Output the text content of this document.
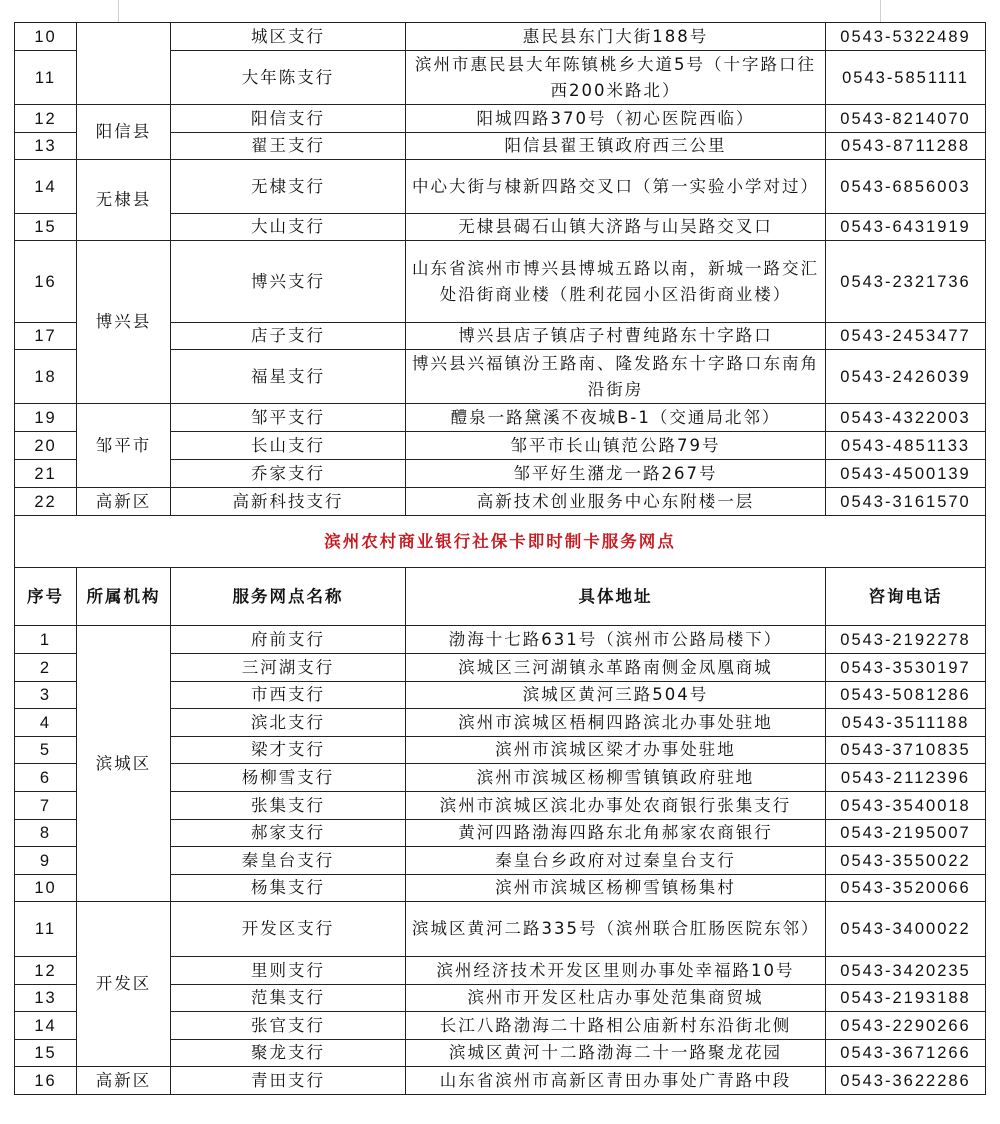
10		城区支行	惠民县东门大街188号	0543-5322489
11		大年陈支行	滨州市惠民县大年陈镇桃乡大道5号（十字路口往西200米路北）	0543-5851111
12	阳信县	阳信支行	阳城四路370号（初心医院西临）	0543-8214070
13		翟王支行	阳信县翟王镇政府西三公里	0543-8711288
14	无棣县	无棣支行	中心大街与棣新四路交叉口（第一实验小学对过）	0543-6856003
15		大山支行	无棣县碣石山镇大济路与山吴路交叉口	0543-6431919
16	博兴县	博兴支行	山东省滨州市博兴县博城五路以南，新城一路交汇处沿街商业楼（胜利花园小区沿街商业楼）	0543-2321736
17		店子支行	博兴县店子镇店子村曹纯路东十字路口	0543-2453477
18		福星支行	博兴县兴福镇汾王路南、隆发路东十字路口东南角沿街房	0543-2426039
19	邹平市	邹平支行	醴泉一路黛溪不夜城B-1（交通局北邻）	0543-4322003
20		长山支行	邹平市长山镇范公路79号	0543-4851133
21		乔家支行	邹平好生潴龙一路267号	0543-4500139
22	高新区	高新科技支行	高新技术创业服务中心东附楼一层	0543-3161570
滨州农村商业银行社保卡即时制卡服务网点				
序号	所属机构	服务网点名称	具体地址	咨询电话
1	滨城区	府前支行	渤海十七路631号（滨州市公路局楼下）	0543-2192278
2		三河湖支行	滨城区三河湖镇永革路南侧金凤凰商城	0543-3530197
3		市西支行	滨城区黄河三路504号	0543-5081286
4		滨北支行	滨州市滨城区梧桐四路滨北办事处驻地	0543-3511188
5		梁才支行	滨州市滨城区梁才办事处驻地	0543-3710835
6		杨柳雪支行	滨州市滨城区杨柳雪镇镇政府驻地	0543-2112396
7		张集支行	滨州市滨城区滨北办事处农商银行张集支行	0543-3540018
8		郝家支行	黄河四路渤海四路东北角郝家农商银行	0543-2195007
9		秦皇台支行	秦皇台乡政府对过秦皇台支行	0543-3550022
10		杨集支行	滨州市滨城区杨柳雪镇杨集村	0543-3520066
11	开发区	开发区支行	滨城区黄河二路335号（滨州联合肛肠医院东邻）	0543-3400022
12		里则支行	滨州经济技术开发区里则办事处幸福路10号	0543-3420235
13		范集支行	滨州市开发区杜店办事处范集商贸城	0543-2193188
14		张官支行	长江八路渤海二十路相公庙新村东沿街北侧	0543-2290266
15		聚龙支行	滨城区黄河十二路渤海二十一路聚龙花园	0543-3671266
16	高新区	青田支行	山东省滨州市高新区青田办事处广青路中段	0543-3622286
